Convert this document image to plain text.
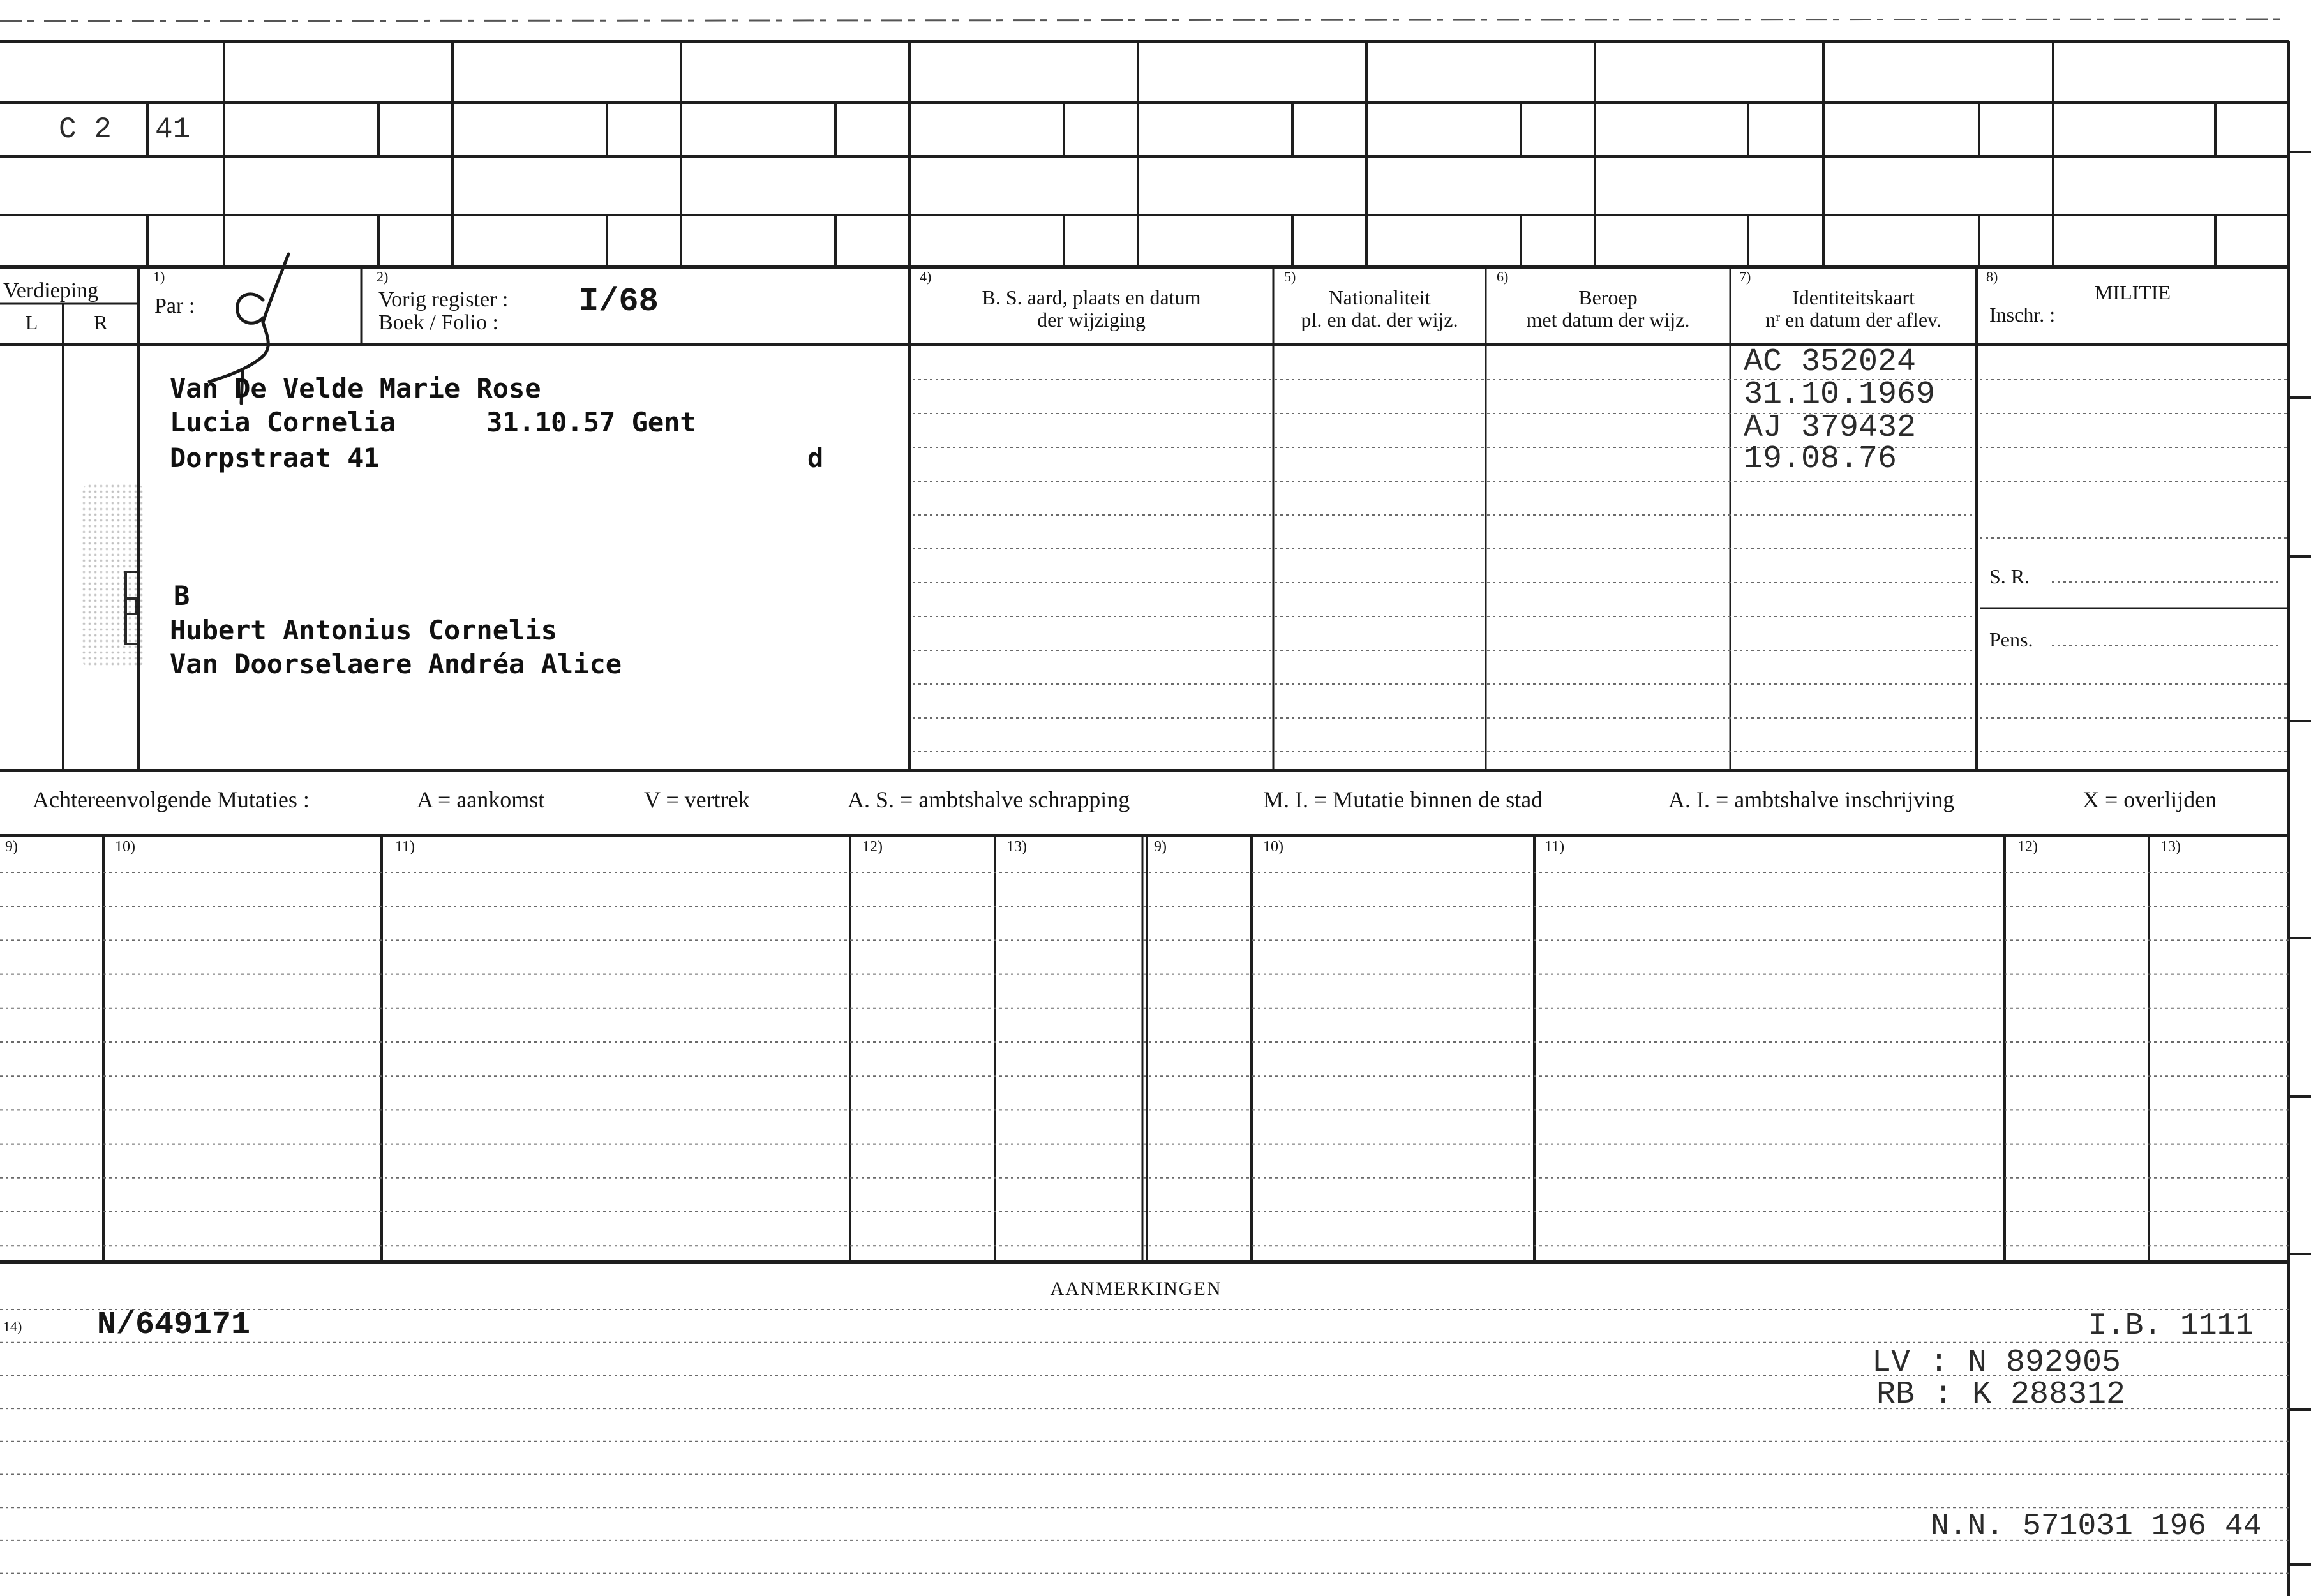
C 2 41
Verdieping
L	R
1)
Par :
2)
Vorig register : I/68
Boek / Folio :
4)
B. S. aard, plaats en datum
der wijziging
5)
Nationaliteit
pl. en dat. der wijz.
6)
Beroep
met datum der wijz.
7)
Identiteitskaart
nʳ en datum der aflev.
8)
MILITIE
Inschr. :
S. R.
Pens.
Van De Velde Marie Rose
Lucia Cornelia	31.10.57 Gent
Dorpstraat 41	d
B
Hubert Antonius Cornelis
Van Doorselaere Andréa Alice
AC 352024
31.10.1969
AJ 379432
19.08.76
Achtereenvolgende Mutaties :	A = aankomst	V = vertrek	A. S. = ambtshalve schrapping	M. I. = Mutatie binnen de stad	A. I. = ambtshalve inschrijving	X = overlijden
9)	10)	11)	12)	13)	9)	10)	11)	12)	13)
AANMERKINGEN
14) N/649171	I.B. 1111
LV : N 892905
RB : K 288312
N.N. 571031 196 44
